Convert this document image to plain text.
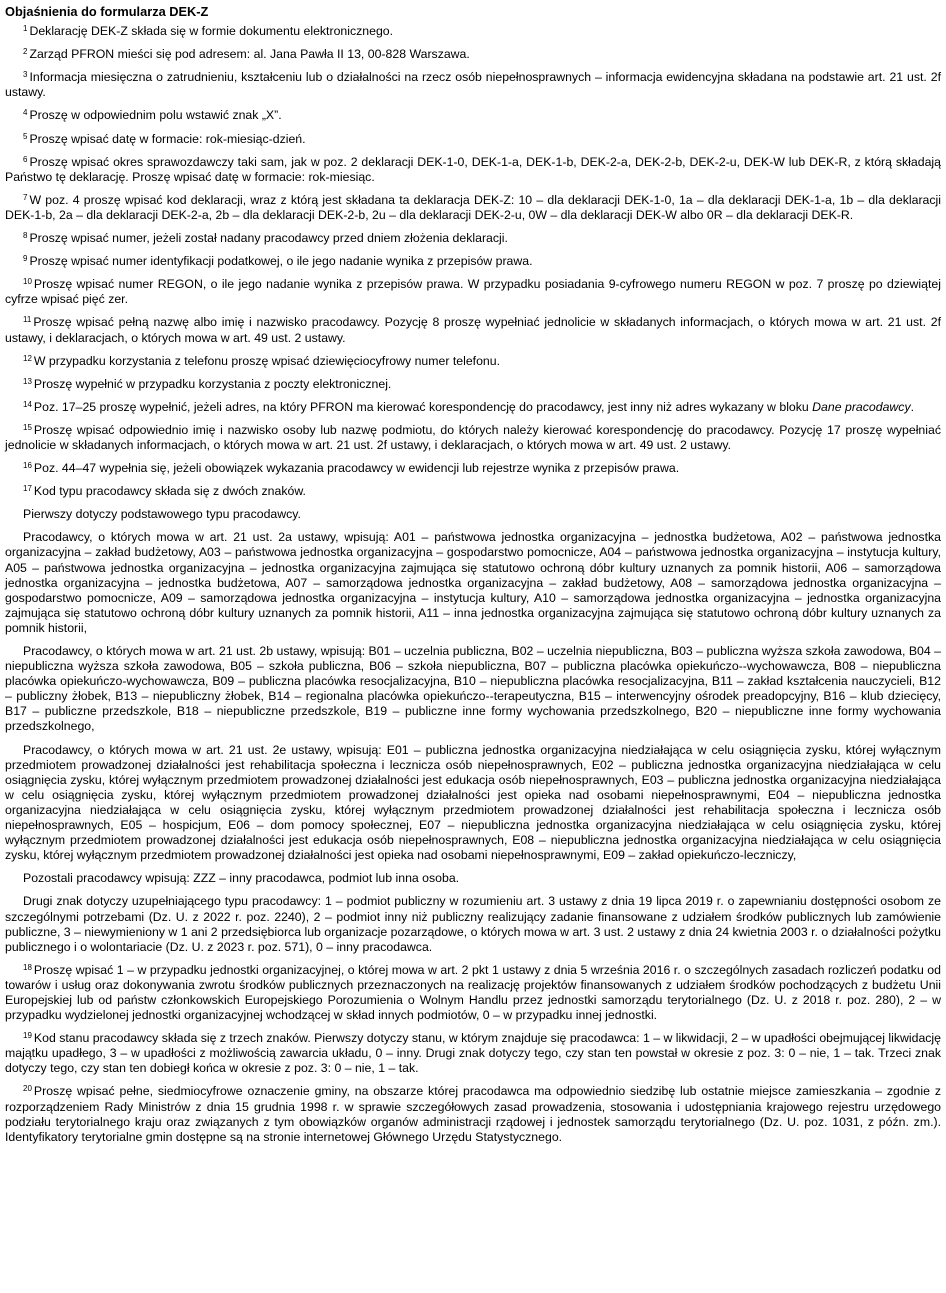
Objaśnienia do formularza DEK-Z
$^1$ Deklarację DEK-Z składa się w formie dokumentu elektronicznego.
$^2$ Zarząd PFRON mieści się pod adresem: al. Jana Pawła II 13, 00-828 Warszawa.
$^3$ Informacja miesięczna o zatrudnieniu, kształceniu lub o działalności na rzecz osób niepełnosprawnych – informacja ewidencyjna składana na podstawie art. 21 ust. 2f ustawy.
$^4$ Proszę w odpowiednim polu wstawić znak „X”.
$^5$ Proszę wpisać datę w formacie: rok-miesiąc-dzień.
$^6$ Proszę wpisać okres sprawozdawczy taki sam, jak w poz. 2 deklaracji DEK-1-0, DEK-1-a, DEK-1-b, DEK-2-a, DEK-2-b, DEK-2-u, DEK-W lub DEK-R, z którą składają Państwo tę deklarację. Proszę wpisać datę w formacie: rok-miesiąc.
$^7$ W poz. 4 proszę wpisać kod deklaracji, wraz z którą jest składana ta deklaracja DEK-Z: 10 – dla deklaracji DEK-1-0, 1a – dla deklaracji DEK-1-a, 1b – dla deklaracji DEK-1-b, 2a – dla deklaracji DEK-2-a, 2b – dla deklaracji DEK-2-b, 2u – dla deklaracji DEK-2-u, 0W – dla deklaracji DEK-W albo 0R – dla deklaracji DEK-R.
$^8$ Proszę wpisać numer, jeżeli został nadany pracodawcy przed dniem złożenia deklaracji.
$^9$ Proszę wpisać numer identyfikacji podatkowej, o ile jego nadanie wynika z przepisów prawa.
$^{10}$ Proszę wpisać numer REGON, o ile jego nadanie wynika z przepisów prawa. W przypadku posiadania 9-cyfrowego numeru REGON w poz. 7 proszę po dziewiątej cyfrze wpisać pięć zer.
$^{11}$ Proszę wpisać pełną nazwę albo imię i nazwisko pracodawcy. Pozycję 8 proszę wypełniać jednolicie w składanych informacjach, o których mowa w art. 21 ust. 2f ustawy, i deklaracjach, o których mowa w art. 49 ust. 2 ustawy.
$^{12}$ W przypadku korzystania z telefonu proszę wpisać dziewięciocyfrowy numer telefonu.
$^{13}$ Proszę wypełnić w przypadku korzystania z poczty elektronicznej.
$^{14}$ Poz. 17–25 proszę wypełnić, jeżeli adres, na który PFRON ma kierować korespondencję do pracodawcy, jest inny niż adres wykazany w bloku Dane pracodawcy.
$^{15}$ Proszę wpisać odpowiednio imię i nazwisko osoby lub nazwę podmiotu, do których należy kierować korespondencję do pracodawcy. Pozycję 17 proszę wypełniać jednolicie w składanych informacjach, o których mowa w art. 21 ust. 2f ustawy, i deklaracjach, o których mowa w art. 49 ust. 2 ustawy.
$^{16}$ Poz. 44–47 wypełnia się, jeżeli obowiązek wykazania pracodawcy w ewidencji lub rejestrze wynika z przepisów prawa.
$^{17}$ Kod typu pracodawcy składa się z dwóch znaków.
Pierwszy dotyczy podstawowego typu pracodawcy.
Pracodawcy, o których mowa w art. 21 ust. 2a ustawy, wpisują: A01 – państwowa jednostka organizacyjna – jednostka budżetowa, A02 – państwowa jednostka organizacyjna – zakład budżetowy, A03 – państwowa jednostka organizacyjna – gospodarstwo pomocnicze, A04 – państwowa jednostka organizacyjna – instytucja kultury, A05 – państwowa jednostka organizacyjna – jednostka organizacyjna zajmująca się statutowo ochroną dóbr kultury uznanych za pomnik historii, A06 – samorządowa jednostka organizacyjna – jednostka budżetowa, A07 – samorządowa jednostka organizacyjna – zakład budżetowy, A08 – samorządowa jednostka organizacyjna – gospodarstwo pomocnicze, A09 – samorządowa jednostka organizacyjna – instytucja kultury, A10 – samorządowa jednostka organizacyjna – jednostka organizacyjna zajmująca się statutowo ochroną dóbr kultury uznanych za pomnik historii, A11 – inna jednostka organizacyjna zajmująca się statutowo ochroną dóbr kultury uznanych za pomnik historii,
Pracodawcy, o których mowa w art. 21 ust. 2b ustawy, wpisują: B01 – uczelnia publiczna, B02 – uczelnia niepubliczna, B03 – publiczna wyższa szkoła zawodowa, B04 – niepubliczna wyższa szkoła zawodowa, B05 – szkoła publiczna, B06 – szkoła niepubliczna, B07 – publiczna placówka opiekuńczo-​-wychowawcza, B08 – niepubliczna placówka opiekuńczo-wychowawcza, B09 – publiczna placówka resocjalizacyjna, B10 – niepubliczna placówka resocjalizacyjna, B11 – zakład kształcenia nauczycieli, B12 – publiczny żłobek, B13 – niepubliczny żłobek, B14 – regionalna placówka opiekuńczo-​-terapeutyczna, B15 – interwencyjny ośrodek preadopcyjny, B16 – klub dziecięcy, B17 – publiczne przedszkole, B18 – niepubliczne przedszkole, B19 – publiczne inne formy wychowania przedszkolnego, B20 – niepubliczne inne formy wychowania przedszkolnego,
Pracodawcy, o których mowa w art. 21 ust. 2e ustawy, wpisują: E01 – publiczna jednostka organizacyjna niedziałająca w celu osiągnięcia zysku, której wyłącznym przedmiotem prowadzonej działalności jest rehabilitacja społeczna i lecznicza osób niepełnosprawnych, E02 – publiczna jednostka organizacyjna niedziałająca w celu osiągnięcia zysku, której wyłącznym przedmiotem prowadzonej działalności jest edukacja osób niepełnosprawnych, E03 – publiczna jednostka organizacyjna niedziałająca w celu osiągnięcia zysku, której wyłącznym przedmiotem prowadzonej działalności jest opieka nad osobami niepełnosprawnymi, E04 – niepubliczna jednostka organizacyjna niedziałająca w celu osiągnięcia zysku, której wyłącznym przedmiotem prowadzonej działalności jest rehabilitacja społeczna i lecznicza osób niepełnosprawnych, E05 – hospicjum, E06 – dom pomocy społecznej, E07 – niepubliczna jednostka organizacyjna niedziałająca w celu osiągnięcia zysku, której wyłącznym przedmiotem prowadzonej działalności jest edukacja osób niepełnosprawnych, E08 – niepubliczna jednostka organizacyjna niedziałająca w celu osiągnięcia zysku, której wyłącznym przedmiotem prowadzonej działalności jest opieka nad osobami niepełnosprawnymi, E09 – zakład opiekuńczo-leczniczy,
Pozostali pracodawcy wpisują: ZZZ – inny pracodawca, podmiot lub inna osoba.
Drugi znak dotyczy uzupełniającego typu pracodawcy: 1 – podmiot publiczny w rozumieniu art. 3 ustawy z dnia 19 lipca 2019 r. o zapewnianiu dostępności osobom ze szczególnymi potrzebami (Dz. U. z 2022 r. poz. 2240), 2 – podmiot inny niż publiczny realizujący zadanie finansowane z udziałem środków publicznych lub zamówienie publiczne, 3 – niewymieniony w 1 ani 2 przedsiębiorca lub organizacje pozarządowe, o których mowa w art. 3 ust. 2 ustawy z dnia 24 kwietnia 2003 r. o działalności pożytku publicznego i o wolontariacie (Dz. U. z 2023 r. poz. 571), 0 – inny pracodawca.
$^{18}$ Proszę wpisać 1 – w przypadku jednostki organizacyjnej, o której mowa w art. 2 pkt 1 ustawy z dnia 5 września 2016 r. o szczególnych zasadach rozliczeń podatku od towarów i usług oraz dokonywania zwrotu środków publicznych przeznaczonych na realizację projektów finansowanych z udziałem środków pochodzących z budżetu Unii Europejskiej lub od państw członkowskich Europejskiego Porozumienia o Wolnym Handlu przez jednostki samorządu terytorialnego (Dz. U. z 2018 r. poz. 280), 2 – w przypadku wydzielonej jednostki organizacyjnej wchodzącej w skład innych podmiotów, 0 – w przypadku innej jednostki.
$^{19}$ Kod stanu pracodawcy składa się z trzech znaków. Pierwszy dotyczy stanu, w którym znajduje się pracodawca: 1 – w likwidacji, 2 – w upadłości obejmującej likwidację majątku upadłego, 3 – w upadłości z możliwością zawarcia układu, 0 – inny. Drugi znak dotyczy tego, czy stan ten powstał w okresie z poz. 3: 0 – nie, 1 – tak. Trzeci znak dotyczy tego, czy stan ten dobiegł końca w okresie z poz. 3: 0 – nie, 1 – tak.
$^{20}$ Proszę wpisać pełne, siedmiocyfrowe oznaczenie gminy, na obszarze której pracodawca ma odpowiednio siedzibę lub ostatnie miejsce zamieszkania – zgodnie z rozporządzeniem Rady Ministrów z dnia 15 grudnia 1998 r. w sprawie szczegółowych zasad prowadzenia, stosowania i udostępniania krajowego rejestru urzędowego podziału terytorialnego kraju oraz związanych z tym obowiązków organów administracji rządowej i jednostek samorządu terytorialnego (Dz. U. poz. 1031, z późn. zm.). Identyfikatory terytorialne gmin dostępne są na stronie internetowej Głównego Urzędu Statystycznego.
